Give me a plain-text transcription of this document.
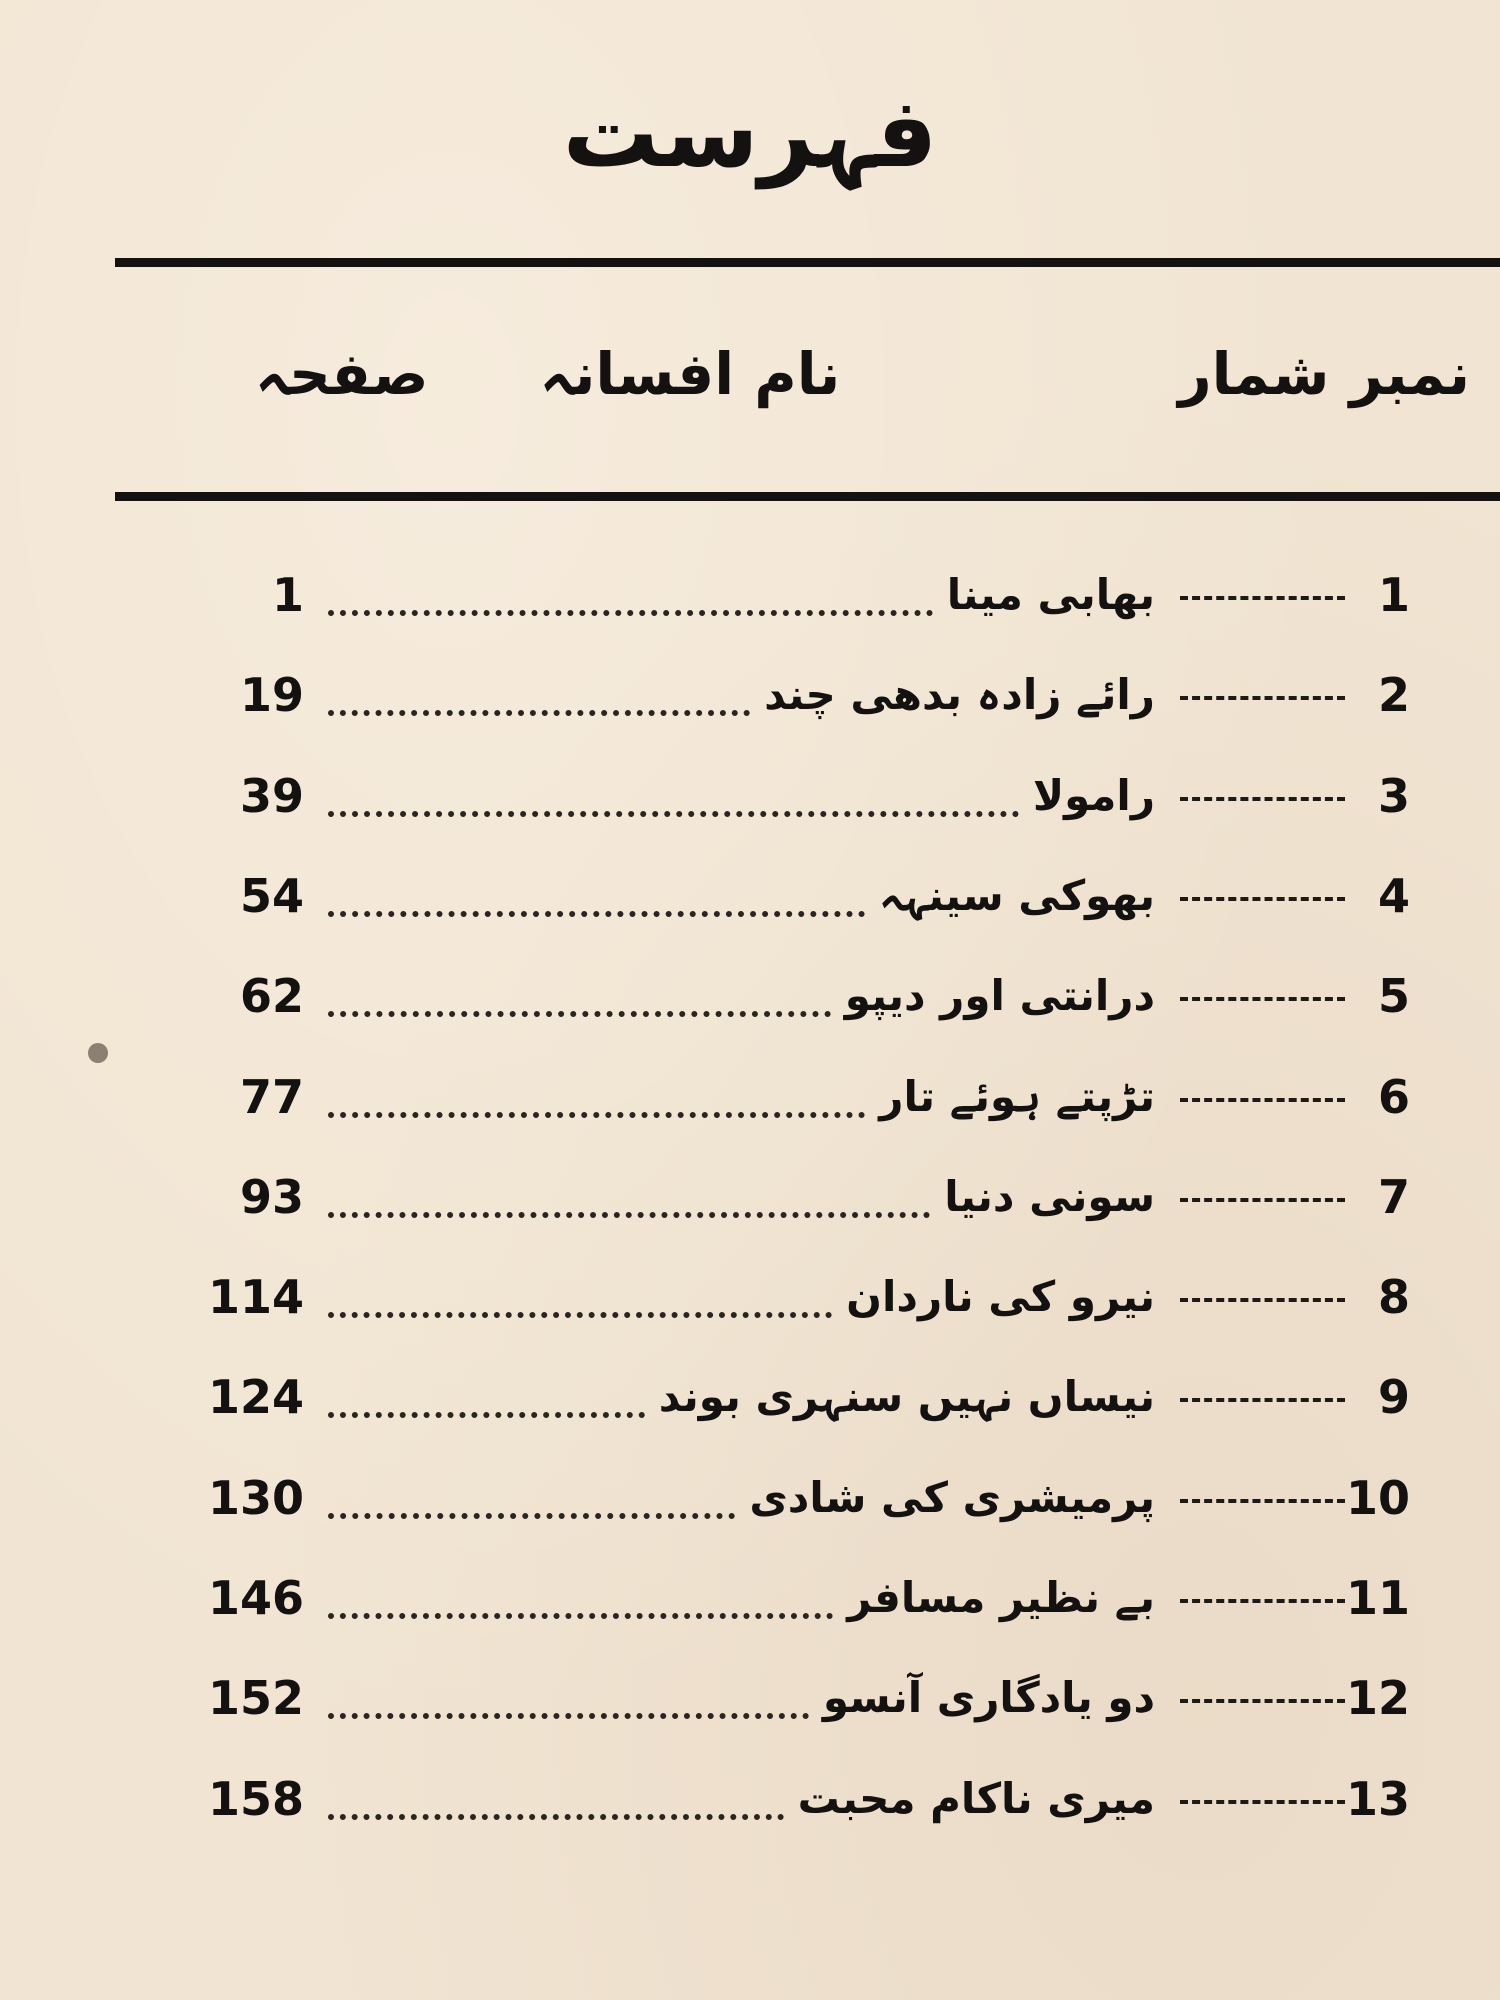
فہرست
نمبر شمار
نام افسانہ
صفحہ
1
بھابی مینا
1
2
رائے زادہ بدھی چند
19
3
رامولا
39
4
بھوکی سینہہ
54
5
درانتی اور دیپو
62
6
تڑپتے ہوئے تار
77
7
سونی دنیا
93
8
نیرو کی ناردان
114
9
نیساں نہیں سنہری بوند
124
10
پرمیشری کی شادی
130
11
بے نظیر مسافر
146
12
دو یادگاری آنسو
152
13
میری ناکام محبت
158
